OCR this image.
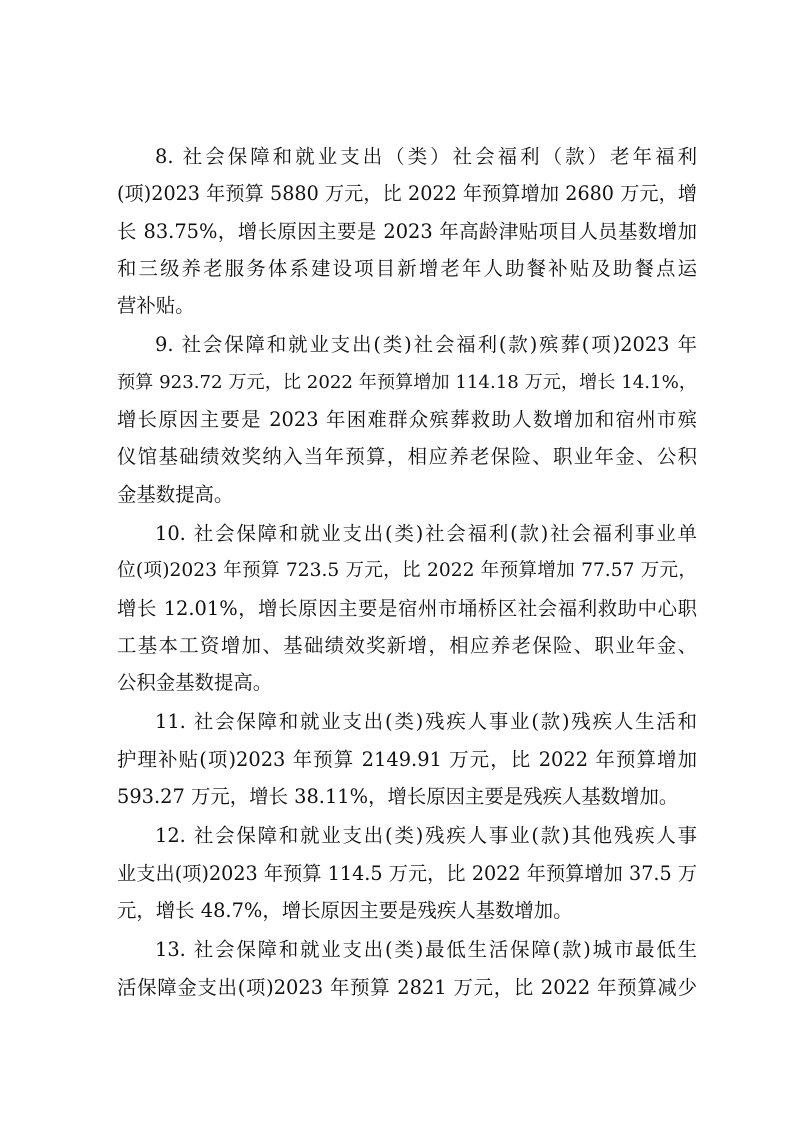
8. 社会保障和就业支出（类）社会福利（款）老年福利
(项)2023 年预算 5880 万元，比 2022 年预算增加 2680 万元，增
长 83.75%，增长原因主要是 2023 年高龄津贴项目人员基数增加
和三级养老服务体系建设项目新增老年人助餐补贴及助餐点运
营补贴。

9. 社会保障和就业支出(类)社会福利(款)殡葬(项)2023 年
预算 923.72 万元，比 2022 年预算增加 114.18 万元，增长 14.1%，
增长原因主要是 2023 年困难群众殡葬救助人数增加和宿州市殡
仪馆基础绩效奖纳入当年预算，相应养老保险、职业年金、公积
金基数提高。

10. 社会保障和就业支出(类)社会福利(款)社会福利事业单
位(项)2023 年预算 723.5 万元，比 2022 年预算增加 77.57 万元，
增长 12.01%，增长原因主要是宿州市埇桥区社会福利救助中心职
工基本工资增加、基础绩效奖新增，相应养老保险、职业年金、
公积金基数提高。

11. 社会保障和就业支出(类)残疾人事业(款)残疾人生活和
护理补贴(项)2023 年预算 2149.91 万元，比 2022 年预算增加
593.27 万元，增长 38.11%，增长原因主要是残疾人基数增加。

12. 社会保障和就业支出(类)残疾人事业(款)其他残疾人事
业支出(项)2023 年预算 114.5 万元，比 2022 年预算增加 37.5 万
元，增长 48.7%，增长原因主要是残疾人基数增加。

13. 社会保障和就业支出(类)最低生活保障(款)城市最低生
活保障金支出(项)2023 年预算 2821 万元，比 2022 年预算减少
